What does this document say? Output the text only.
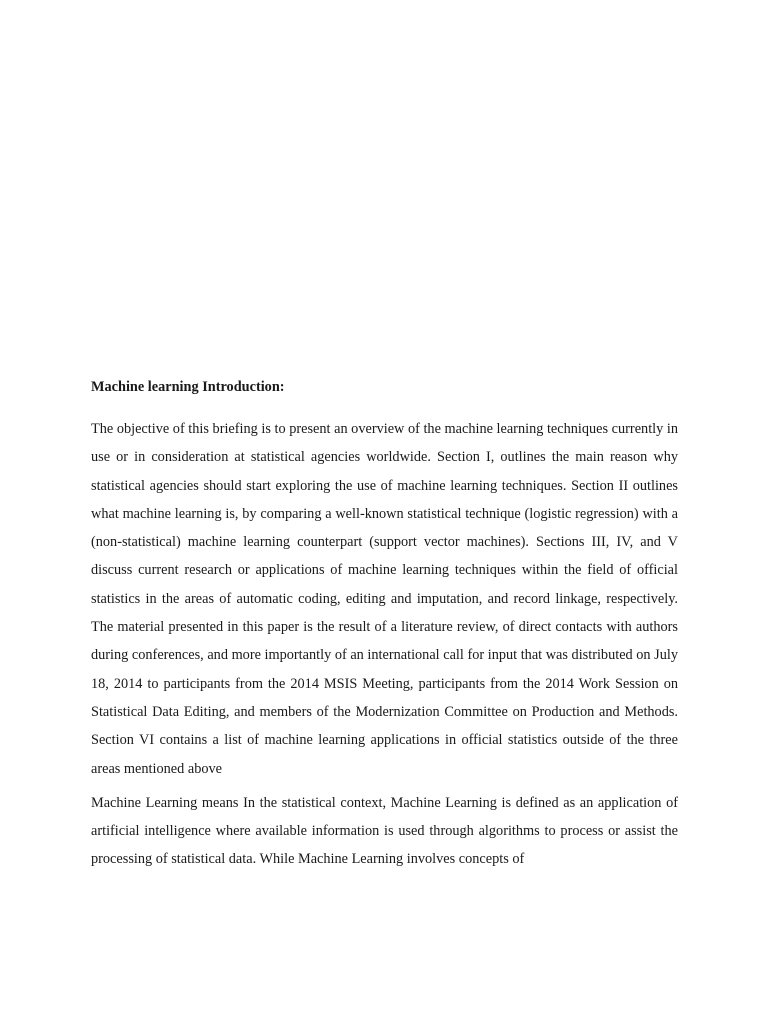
Machine learning Introduction:

The objective of this briefing is to present an overview of the machine learning techniques currently in use or in consideration at statistical agencies worldwide. Section I, outlines the main reason why statistical agencies should start exploring the use of machine learning techniques. Section II outlines what machine learning is, by comparing a well-known statistical technique (logistic regression) with a (non-statistical) machine learning counterpart (support vector machines). Sections III, IV, and V discuss current research or applications of machine learning techniques within the field of official statistics in the areas of automatic coding, editing and imputation, and record linkage, respectively. The material presented in this paper is the result of a literature review, of direct contacts with authors during conferences, and more importantly of an international call for input that was distributed on July 18, 2014 to participants from the 2014 MSIS Meeting, participants from the 2014 Work Session on Statistical Data Editing, and members of the Modernization Committee on Production and Methods. Section VI contains a list of machine learning applications in official statistics outside of the three areas mentioned above

Machine Learning means In the statistical context, Machine Learning is defined as an application of artificial intelligence where available information is used through algorithms to process or assist the processing of statistical data. While Machine Learning involves concepts of
